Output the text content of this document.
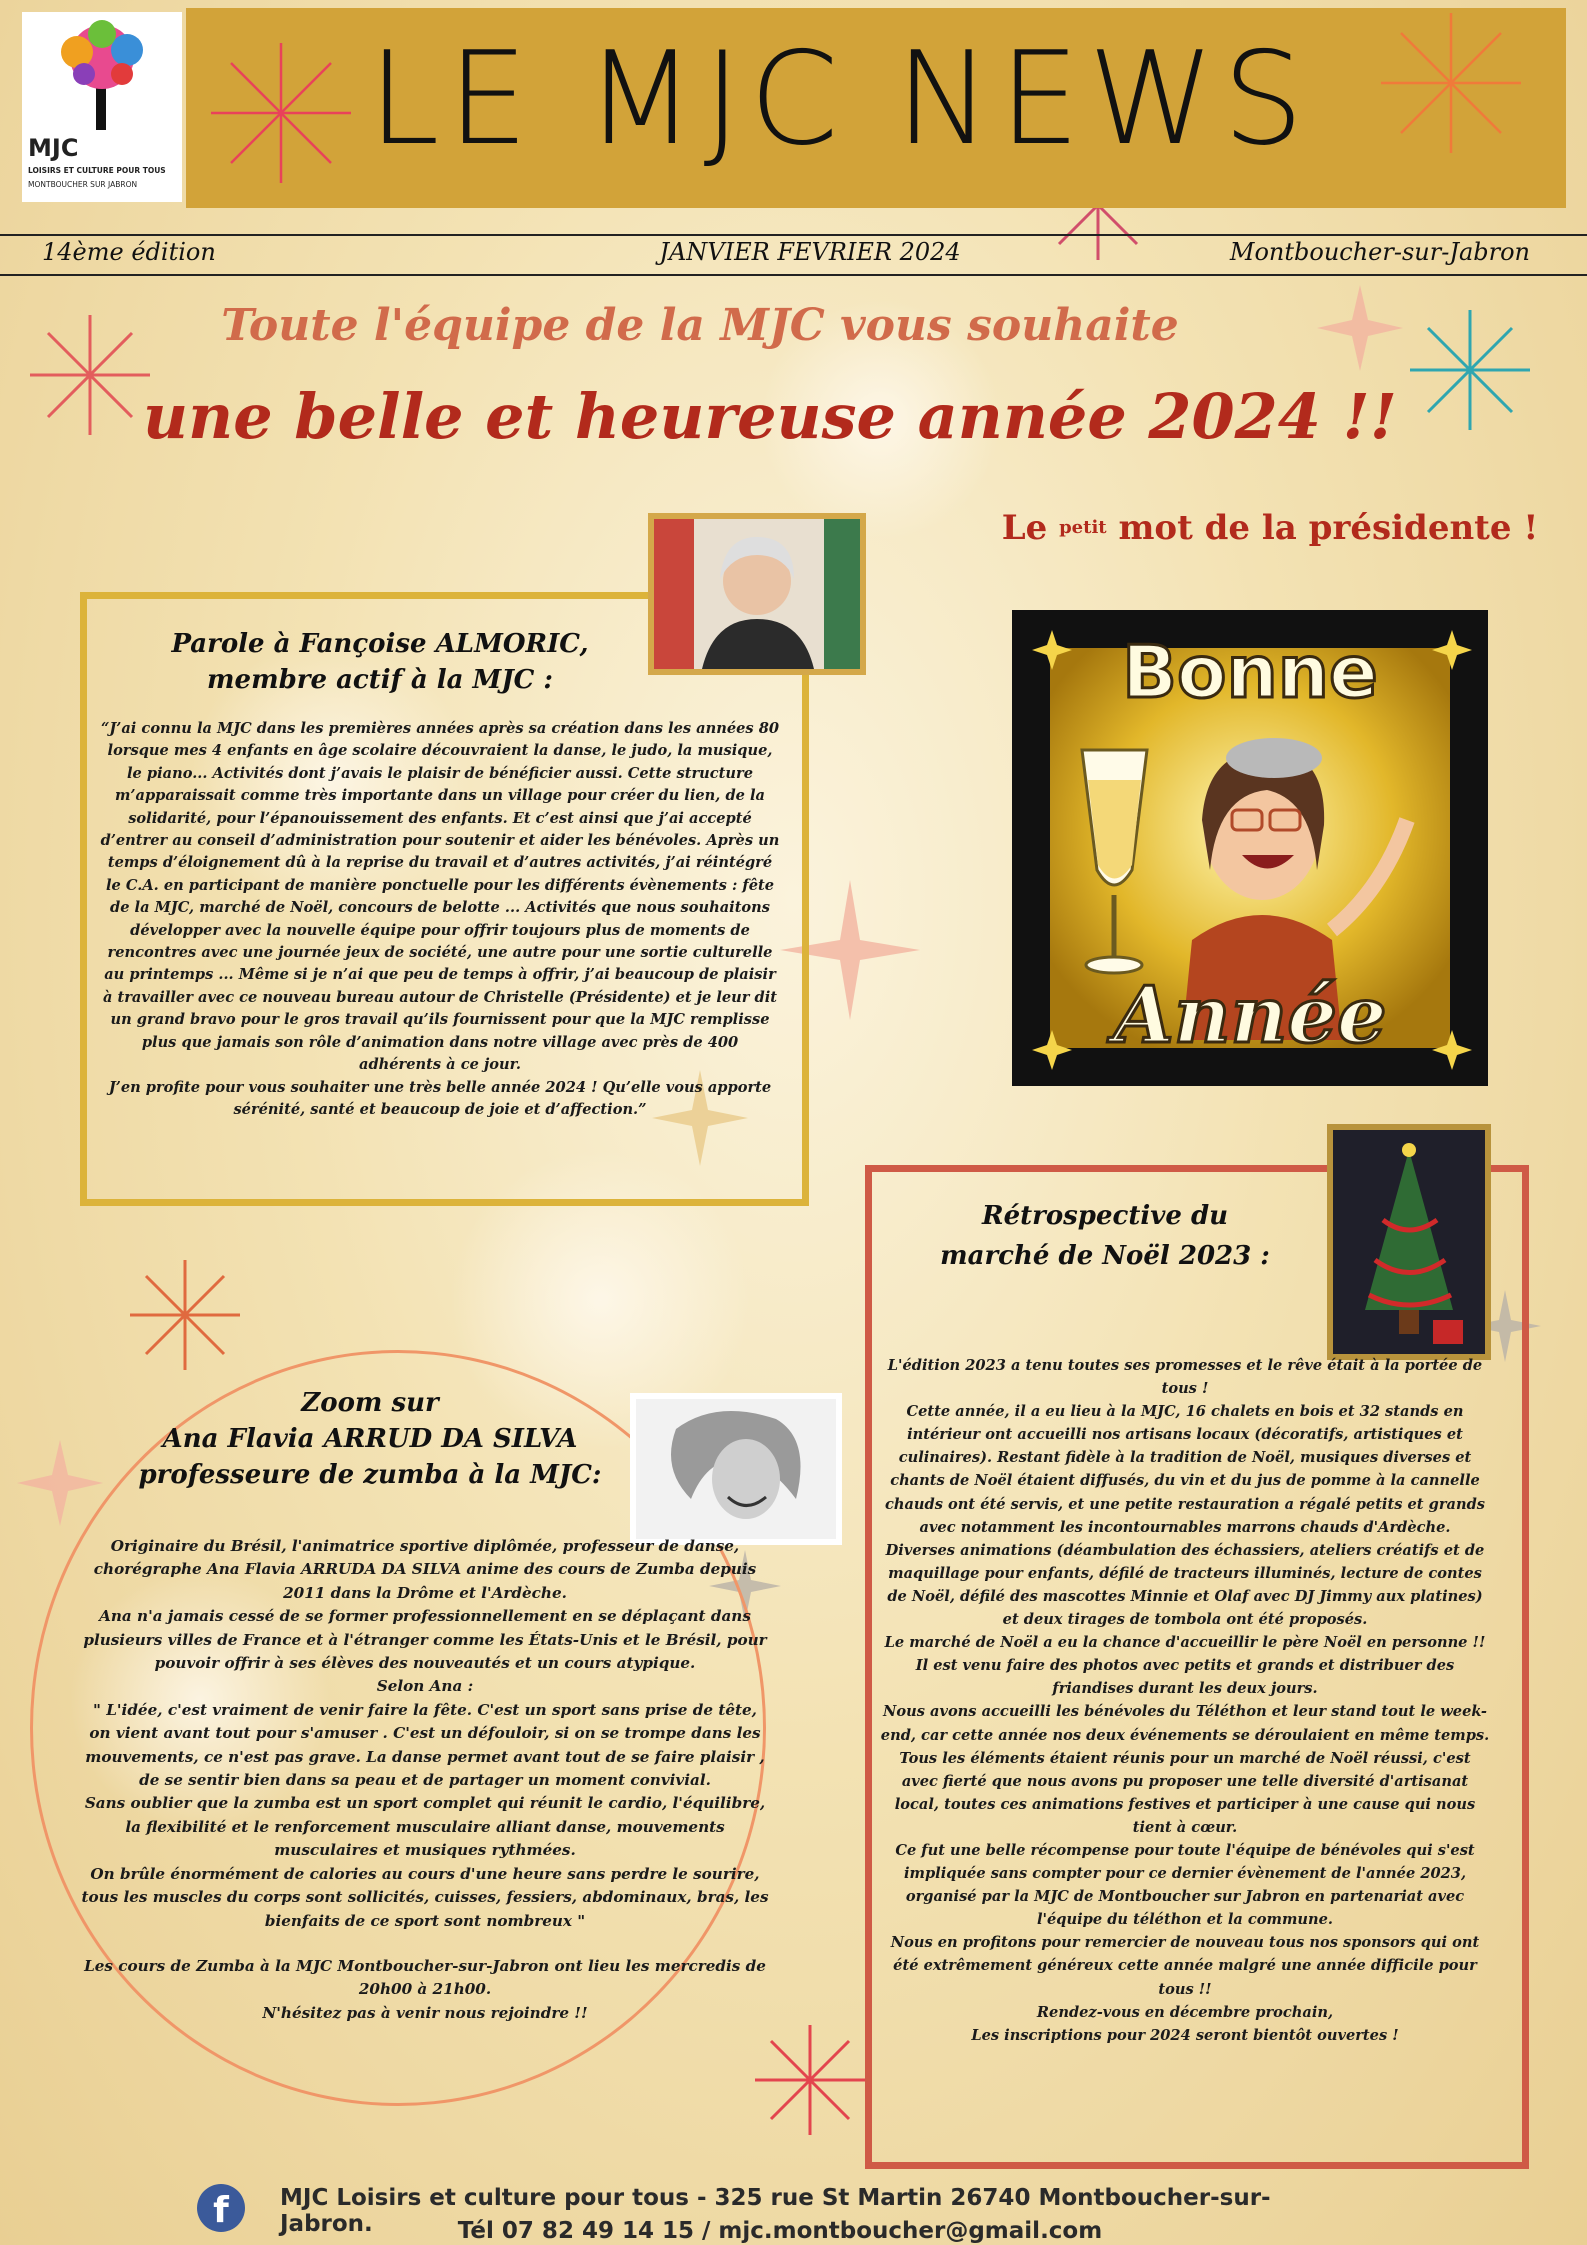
MJC
LOISIRS ET CULTURE POUR TOUS
MONTBOUCHER SUR JABRON
LE MJC NEWS
14ème édition	JANVIER FEVRIER 2024	Montboucher-sur-Jabron
Toute l'équipe de la MJC vous souhaite
une belle et heureuse année 2024 !!
Le petit mot de la présidente !
Bonne
Année
Parole à Fançoise ALMORIC,
membre actif à la MJC :

“J’ai connu la MJC dans les premières années après sa création dans les années 80 lorsque mes 4 enfants en âge scolaire découvraient la danse, le judo, la musique, le piano... Activités dont j’avais le plaisir de bénéficier aussi. Cette structure m’apparaissait comme très importante dans un village pour créer du lien, de la solidarité, pour l’épanouissement des enfants. Et c’est ainsi que j’ai accepté d’entrer au conseil d’administration pour soutenir et aider les bénévoles. Après un temps d’éloignement dû à la reprise du travail et d’autres activités, j’ai réintégré le C.A. en participant de manière ponctuelle pour les différents évènements : fête de la MJC, marché de Noël, concours de belotte ... Activités que nous souhaitons développer avec la nouvelle équipe pour offrir toujours plus de moments de rencontres avec une journée jeux de société, une autre pour une sortie culturelle au printemps ... Même si je n’ai que peu de temps à offrir, j’ai beaucoup de plaisir à travailler avec ce nouveau bureau autour de Christelle (Présidente) et je leur dit un grand bravo pour le gros travail qu’ils fournissent pour que la MJC remplisse plus que jamais son rôle d’animation dans notre village avec près de 400 adhérents à ce jour.

J’en profite pour vous souhaiter une très belle année 2024 ! Qu’elle vous apporte sérénité, santé et beaucoup de joie et d’affection.”

Zoom sur
Ana Flavia ARRUD DA SILVA
professeure de zumba à la MJC:

Originaire du Brésil, l'animatrice sportive diplômée, professeur de danse, chorégraphe Ana Flavia ARRUDA DA SILVA anime des cours de Zumba depuis 2011 dans la Drôme et l'Ardèche.

Ana n'a jamais cessé de se former professionnellement en se déplaçant dans plusieurs villes de France et à l'étranger comme les États-Unis et le Brésil, pour pouvoir offrir à ses élèves des nouveautés et un cours atypique.

Selon Ana :

" L'idée, c'est vraiment de venir faire la fête. C'est un sport sans prise de tête, on vient avant tout pour s'amuser . C'est un défouloir, si on se trompe dans les mouvements, ce n'est pas grave. La danse permet avant tout de se faire plaisir , de se sentir bien dans sa peau et de partager un moment convivial.

Sans oublier que la zumba est un sport complet qui réunit le cardio, l'équilibre, la flexibilité et le renforcement musculaire alliant danse, mouvements musculaires et musiques rythmées.

On brûle énormément de calories au cours d'une heure sans perdre le sourire, tous les muscles du corps sont sollicités, cuisses, fessiers, abdominaux, bras, les bienfaits de ce sport sont nombreux "

Les cours de Zumba à la MJC Montboucher-sur-Jabron ont lieu les mercredis de 20h00 à 21h00.

N'hésitez pas à venir nous rejoindre !!

Rétrospective du
marché de Noël 2023 :

L'édition 2023 a tenu toutes ses promesses et le rêve était à la portée de tous !

Cette année, il a eu lieu à la MJC, 16 chalets en bois et 32 stands en intérieur ont accueilli nos artisans locaux (décoratifs, artistiques et culinaires). Restant fidèle à la tradition de Noël, musiques diverses et chants de Noël étaient diffusés, du vin et du jus de pomme à la cannelle chauds ont été servis, et une petite restauration a régalé petits et grands avec notamment les incontournables marrons chauds d'Ardèche.

Diverses animations (déambulation des échassiers, ateliers créatifs et de maquillage pour enfants, défilé de tracteurs illuminés, lecture de contes de Noël, défilé des mascottes Minnie et Olaf avec DJ Jimmy aux platines) et deux tirages de tombola ont été proposés.

Le marché de Noël a eu la chance d'accueillir le père Noël en personne !! Il est venu faire des photos avec petits et grands et distribuer des friandises durant les deux jours.

Nous avons accueilli les bénévoles du Téléthon et leur stand tout le week-end, car cette année nos deux événements se déroulaient en même temps.

Tous les éléments étaient réunis pour un marché de Noël réussi, c'est avec fierté que nous avons pu proposer une telle diversité d'artisanat local, toutes ces animations festives et participer à une cause qui nous tient à cœur.

Ce fut une belle récompense pour toute l'équipe de bénévoles qui s'est impliquée sans compter pour ce dernier évènement de l'année 2023, organisé par la MJC de Montboucher sur Jabron en partenariat avec l'équipe du téléthon et la commune.

Nous en profitons pour remercier de nouveau tous nos sponsors qui ont été extrêmement généreux cette année malgré une année difficile pour tous !!

Rendez-vous en décembre prochain,

Les inscriptions pour 2024 seront bientôt ouvertes !

f	MJC Loisirs et culture pour tous - 325 rue St Martin 26740 Montboucher-sur-Jabron.	Tél 07 82 49 14 15 / mjc.montboucher@gmail.com
